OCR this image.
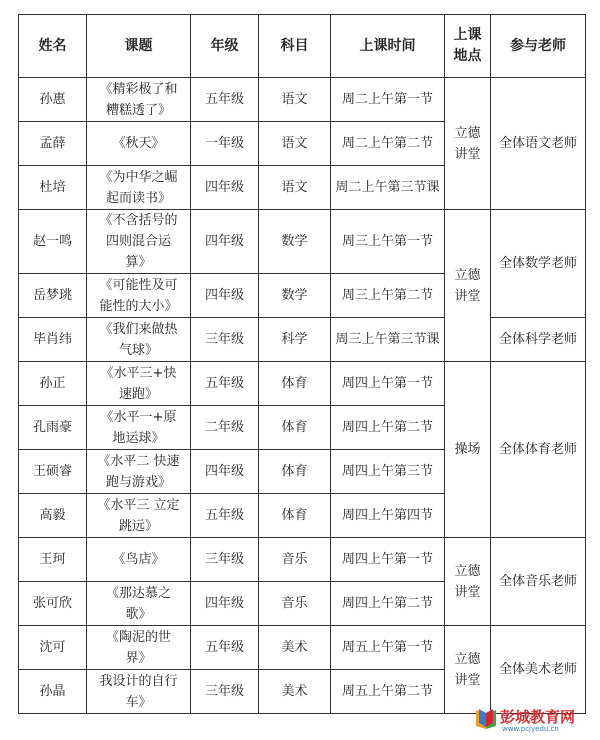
姓名	课题	年级	科目	上课时间	上课地点	参与老师
孙惠	《精彩极了和糟糕透了》	五年级	语文	周二上午第一节	立德讲堂	全体语文老师
孟薛	《秋天》	一年级	语文	周二上午第二节		
杜培	《为中华之崛起而读书》	四年级	语文	周二上午第三节课		
赵一鸣	《不含括号的四则混合运算》	四年级	数学	周三上午第一节	立德讲堂	全体数学老师
岳梦珧	《可能性及可能性的大小》	四年级	数学	周三上午第二节		
毕肖纬	《我们来做热气球》	三年级	科学	周三上午第三节课		全体科学老师
孙正	《水平三+快速跑》	五年级	体育	周四上午第一节	操场	全体体育老师
孔雨豪	《水平一+原地运球》	二年级	体育	周四上午第二节		
王硕睿	《水平二 快速跑与游戏》	四年级	体育	周四上午第三节		
高毅	《水平三 立定跳远》	五年级	体育	周四上午第四节		
王珂	《鸟店》	三年级	音乐	周四上午第一节	立德讲堂	全体音乐老师
张可欣	《那达慕之歌》	四年级	音乐	周四上午第二节		
沈可	《陶泥的世界》	五年级	美术	周五上午第一节	立德讲堂	全体美术老师
孙晶	我设计的自行车》	三年级	美术	周五上午第二节		
彭城教育网
www.pcjyedu.cn
